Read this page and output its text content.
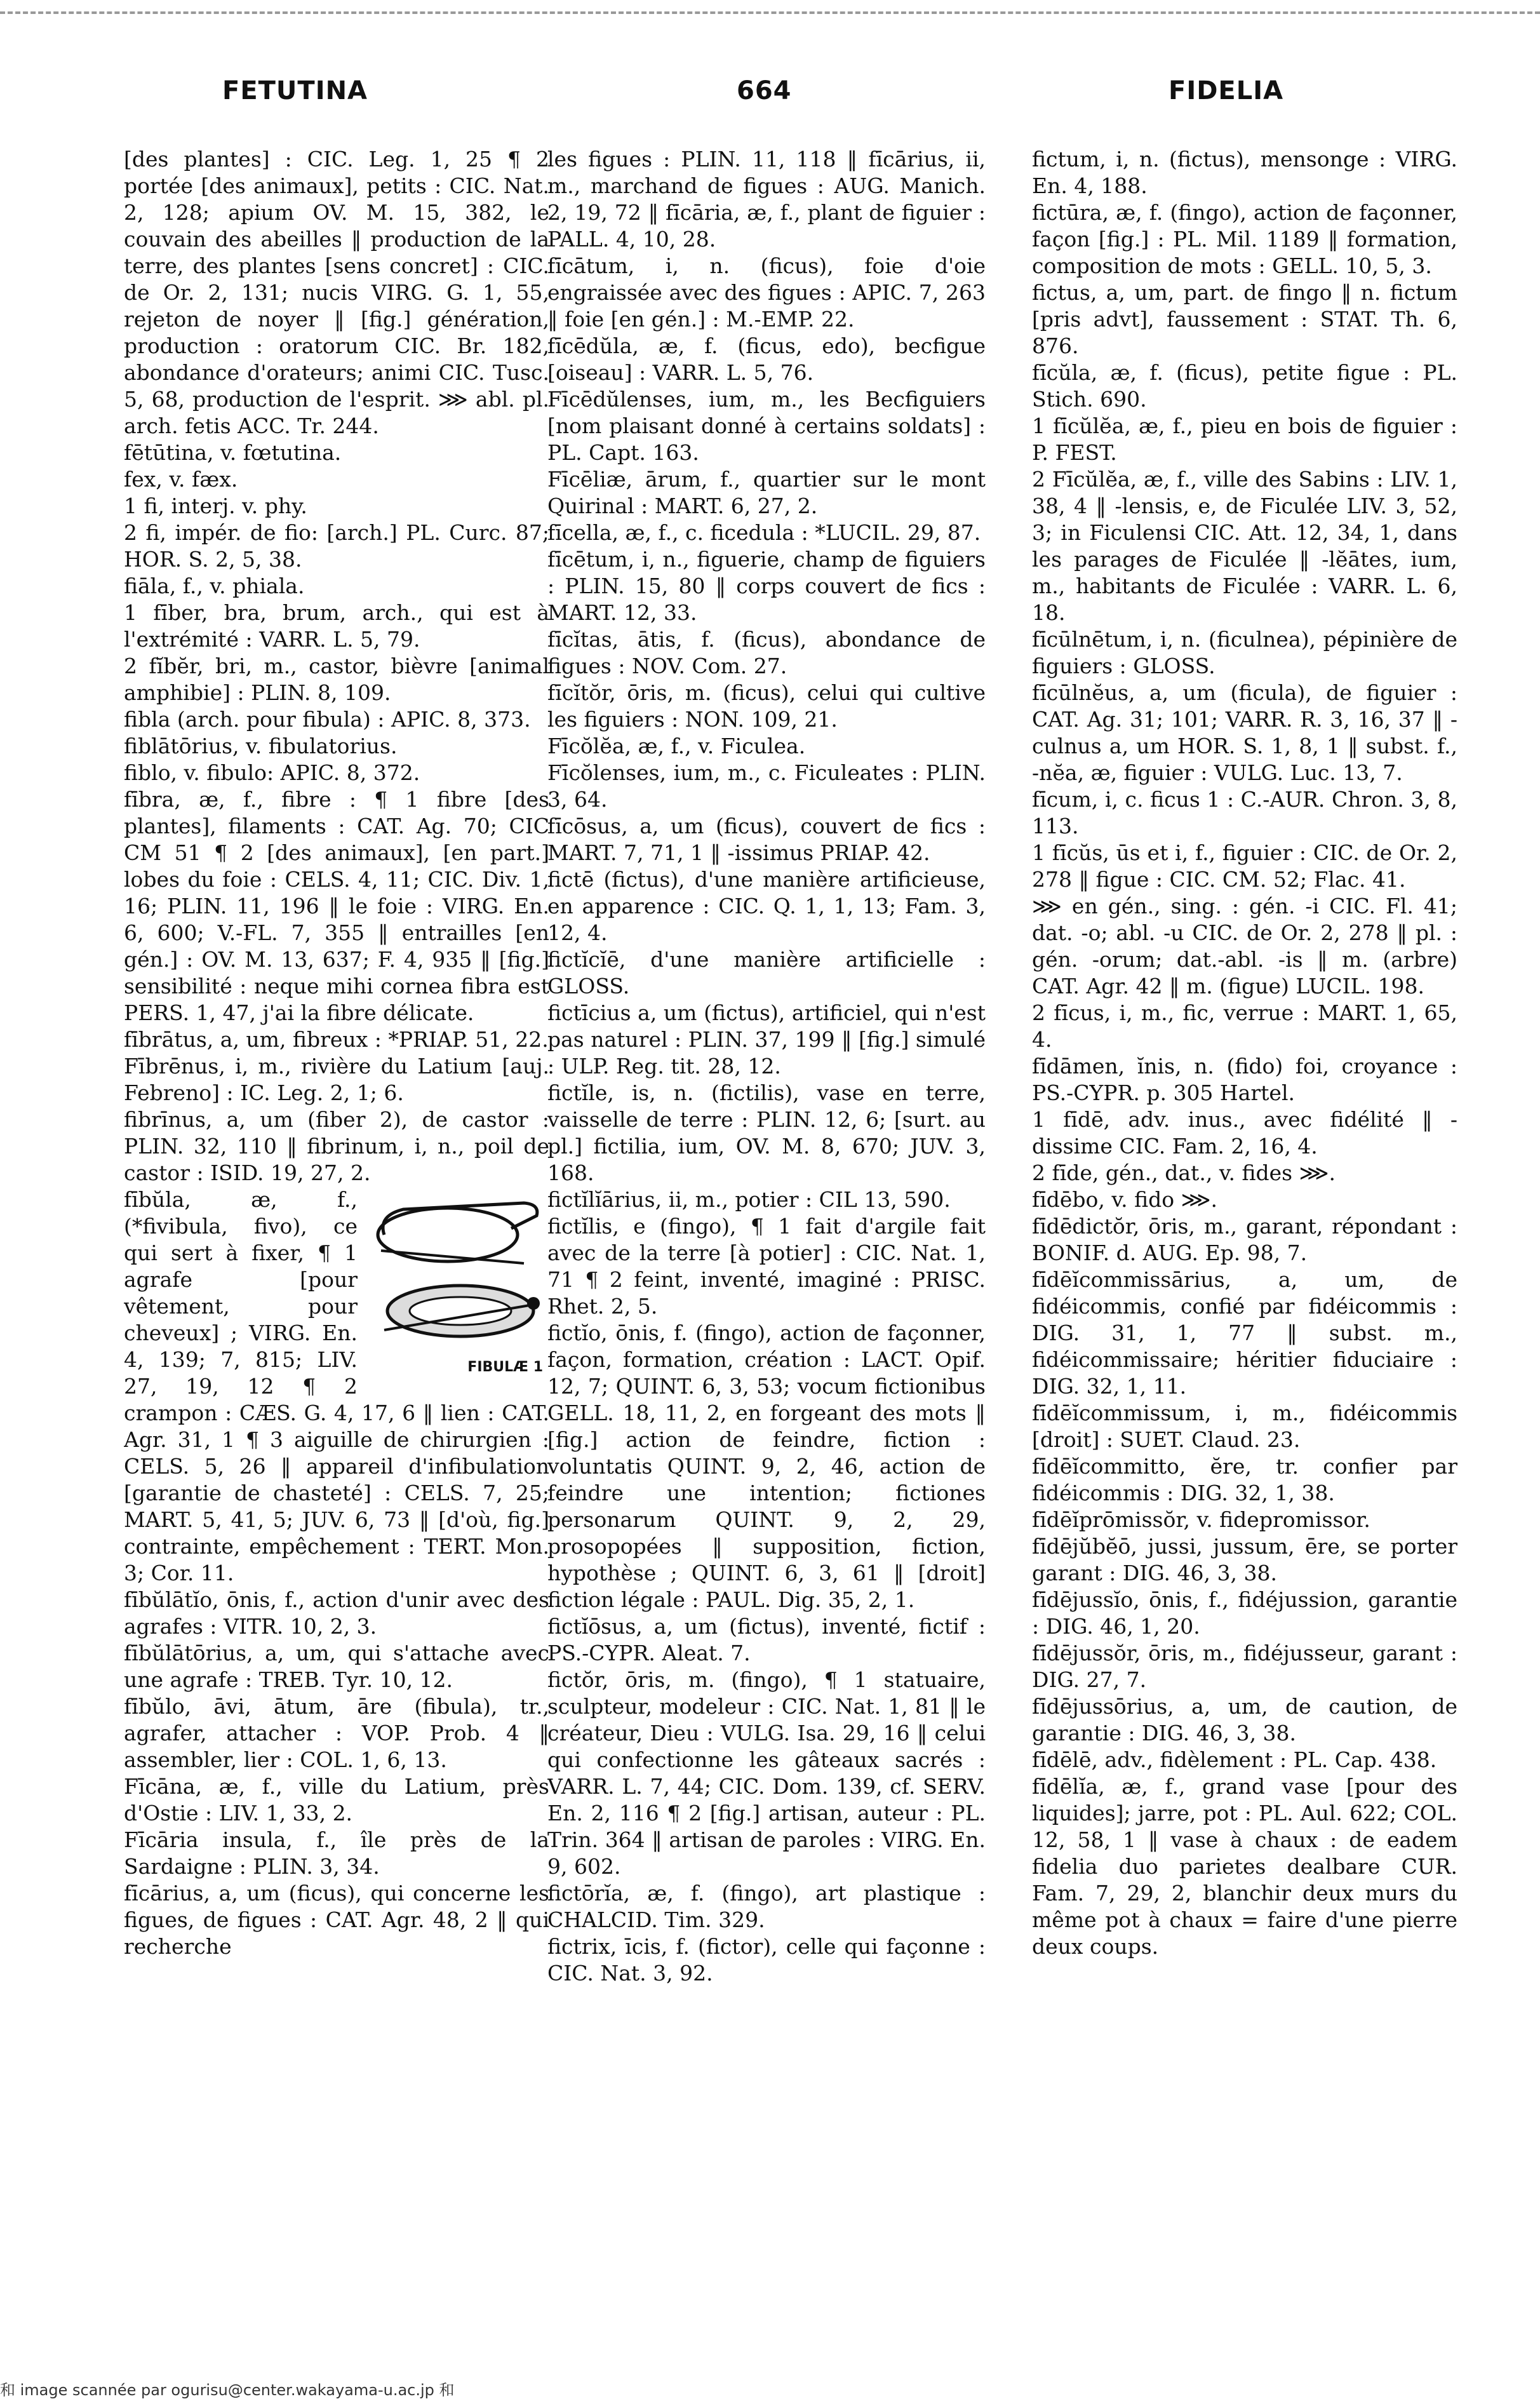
FETUTINA	664	FIDELIA

[des plantes] : CIC. Leg. 1, 25 ¶ 2 portée [des animaux], petits : CIC. Nat. 2, 128; apium OV. M. 15, 382, le couvain des abeilles ‖ production de la terre, des plantes [sens concret] : CIC. de Or. 2, 131; nucis VIRG. G. 1, 55, rejeton de noyer ‖ [fig.] génération, production : oratorum CIC. Br. 182, abondance d'orateurs; animi CIC. Tusc. 5, 68, production de l'esprit. ⋙ abl. pl. arch. fetis ACC. Tr. 244.

fētūtina, v. fœtutina.

fex, v. fæx.

1 fi, interj. v. phy.

2 fi, impér. de fio: [arch.] PL. Curc. 87; HOR. S. 2, 5, 38.

fiāla, f., v. phiala.

1 fīber, bra, brum, arch., qui est à l'extrémité : VARR. L. 5, 79.

2 fĭbĕr, bri, m., castor, bièvre [animal amphibie] : PLIN. 8, 109.

fibla (arch. pour fibula) : APIC. 8, 373.

fiblātōrius, v. fibulatorius.

fiblo, v. fibulo: APIC. 8, 372.

fībra, æ, f., fibre : ¶ 1 fibre [des plantes], filaments : CAT. Ag. 70; CIC CM 51 ¶ 2 [des animaux], [en part.] lobes du foie : CELS. 4, 11; CIC. Div. 1, 16; PLIN. 11, 196 ‖ le foie : VIRG. En. 6, 600; V.-FL. 7, 355 ‖ entrailles [en gén.] : OV. M. 13, 637; F. 4, 935 ‖ [fig.] sensibilité : neque mihi cornea fibra est PERS. 1, 47, j'ai la fibre délicate.

fībrātus, a, um, fibreux : *PRIAP. 51, 22.

Fībrēnus, i, m., rivière du Latium [auj. Febreno] : IC. Leg. 2, 1; 6.

fibrīnus, a, um (fiber 2), de castor : PLIN. 32, 110 ‖ fibrinum, i, n., poil de castor : ISID. 19, 27, 2.

FIBULÆ 1

fībŭla, æ, f., (*fivibula, fivo), ce qui sert à fixer, ¶ 1 agrafe [pour vêtement, pour cheveux] ; VIRG. En. 4, 139; 7, 815; LIV. 27, 19, 12 ¶ 2 crampon : CÆS. G. 4, 17, 6 ‖ lien : CAT. Agr. 31, 1 ¶ 3 aiguille de chirurgien : CELS. 5, 26 ‖ appareil d'infibulation [garantie de chasteté] : CELS. 7, 25; MART. 5, 41, 5; JUV. 6, 73 ‖ [d'où, fig.] contrainte, empêchement : TERT. Mon. 3; Cor. 11.

fībŭlātĭo, ōnis, f., action d'unir avec des agrafes : VITR. 10, 2, 3.

fībŭlātōrius, a, um, qui s'attache avec une agrafe : TREB. Tyr. 10, 12.

fībŭlo, āvi, ātum, āre (fibula), tr., agrafer, attacher : VOP. Prob. 4 ‖ assembler, lier : COL. 1, 6, 13.

Fīcāna, æ, f., ville du Latium, près d'Ostie : LIV. 1, 33, 2.

Fīcāria insula, f., île près de la Sardaigne : PLIN. 3, 34.

fīcārius, a, um (ficus), qui concerne les figues, de figues : CAT. Agr. 48, 2 ‖ qui recherche

les figues : PLIN. 11, 118 ‖ fīcārius, ii, m., marchand de figues : AUG. Manich. 2, 19, 72 ‖ fīcāria, æ, f., plant de figuier : PALL. 4, 10, 28.

fīcātum, i, n. (ficus), foie d'oie engraissée avec des figues : APIC. 7, 263 ‖ foie [en gén.] : M.-EMP. 22.

fīcēdŭla, æ, f. (ficus, edo), becfigue [oiseau] : VARR. L. 5, 76.

Fīcēdŭlenses, ium, m., les Becfiguiers [nom plaisant donné à certains soldats] : PL. Capt. 163.

Fīcēliæ, ārum, f., quartier sur le mont Quirinal : MART. 6, 27, 2.

fīcella, æ, f., c. ficedula : *LUCIL. 29, 87.

fīcētum, i, n., figuerie, champ de figuiers : PLIN. 15, 80 ‖ corps couvert de fics : MART. 12, 33.

fīcĭtas, ātis, f. (ficus), abondance de figues : NOV. Com. 27.

fīcĭtŏr, ōris, m. (ficus), celui qui cultive les figuiers : NON. 109, 21.

Fīcŏlĕa, æ, f., v. Ficulea.

Fīcŏlenses, ium, m., c. Ficuleates : PLIN. 3, 64.

fīcōsus, a, um (ficus), couvert de fics : MART. 7, 71, 1 ‖ -issimus PRIAP. 42.

fictē (fictus), d'une manière artificieuse, en apparence : CIC. Q. 1, 1, 13; Fam. 3, 12, 4.

fictĭcĭē, d'une manière artificielle : GLOSS.

fictīcius a, um (fictus), artificiel, qui n'est pas naturel : PLIN. 37, 199 ‖ [fig.] simulé : ULP. Reg. tit. 28, 12.

fictĭle, is, n. (fictilis), vase en terre, vaisselle de terre : PLIN. 12, 6; [surt. au pl.] fictilia, ium, OV. M. 8, 670; JUV. 3, 168.

fictĭlĭārius, ii, m., potier : CIL 13, 590.

fictĭlis, e (fingo), ¶ 1 fait d'argile fait avec de la terre [à potier] : CIC. Nat. 1, 71 ¶ 2 feint, inventé, imaginé : PRISC. Rhet. 2, 5.

fictĭo, ōnis, f. (fingo), action de façonner, façon, formation, création : LACT. Opif. 12, 7; QUINT. 6, 3, 53; vocum fictionibus GELL. 18, 11, 2, en forgeant des mots ‖ [fig.] action de feindre, fiction : voluntatis QUINT. 9, 2, 46, action de feindre une intention; fictiones personarum QUINT. 9, 2, 29, prosopopées ‖ supposition, fiction, hypothèse ; QUINT. 6, 3, 61 ‖ [droit] fiction légale : PAUL. Dig. 35, 2, 1.

fictĭōsus, a, um (fictus), inventé, fictif : PS.-CYPR. Aleat. 7.

fictŏr, ōris, m. (fingo), ¶ 1 statuaire, sculpteur, modeleur : CIC. Nat. 1, 81 ‖ le créateur, Dieu : VULG. Isa. 29, 16 ‖ celui qui confectionne les gâteaux sacrés : VARR. L. 7, 44; CIC. Dom. 139, cf. SERV. En. 2, 116 ¶ 2 [fig.] artisan, auteur : PL. Trin. 364 ‖ artisan de paroles : VIRG. En. 9, 602.

fictōrĭa, æ, f. (fingo), art plastique : CHALCID. Tim. 329.

fictrix, īcis, f. (fictor), celle qui façonne : CIC. Nat. 3, 92.

fictum, i, n. (fictus), mensonge : VIRG. En. 4, 188.

fictūra, æ, f. (fingo), action de façonner, façon [fig.] : PL. Mil. 1189 ‖ formation, composition de mots : GELL. 10, 5, 3.

fictus, a, um, part. de fingo ‖ n. fictum [pris advt], faussement : STAT. Th. 6, 876.

fīcŭla, æ, f. (ficus), petite figue : PL. Stich. 690.

1 fīcŭlĕa, æ, f., pieu en bois de figuier : P. FEST.

2 Fīcŭlĕa, æ, f., ville des Sabins : LIV. 1, 38, 4 ‖ -lensis, e, de Ficulée LIV. 3, 52, 3; in Ficulensi CIC. Att. 12, 34, 1, dans les parages de Ficulée ‖ -lĕātes, ium, m., habitants de Ficulée : VARR. L. 6, 18.

fīcūlnētum, i, n. (ficulnea), pépinière de figuiers : GLOSS.

fīcūlnĕus, a, um (ficula), de figuier : CAT. Ag. 31; 101; VARR. R. 3, 16, 37 ‖ -culnus a, um HOR. S. 1, 8, 1 ‖ subst. f., -nĕa, æ, figuier : VULG. Luc. 13, 7.

fīcum, i, c. ficus 1 : C.-AUR. Chron. 3, 8, 113.

1 fīcŭs, ūs et i, f., figuier : CIC. de Or. 2, 278 ‖ figue : CIC. CM. 52; Flac. 41.

⋙ en gén., sing. : gén. -i CIC. Fl. 41; dat. -o; abl. -u CIC. de Or. 2, 278 ‖ pl. : gén. -orum; dat.-abl. -is ‖ m. (arbre) CAT. Agr. 42 ‖ m. (figue) LUCIL. 198.

2 fīcus, i, m., fic, verrue : MART. 1, 65, 4.

fīdāmen, ĭnis, n. (fido) foi, croyance : PS.-CYPR. p. 305 Hartel.

1 fīdē, adv. inus., avec fidélité ‖ -dissime CIC. Fam. 2, 16, 4.

2 fīde, gén., dat., v. fides ⋙.

fīdēbo, v. fido ⋙.

fīdēdictŏr, ōris, m., garant, répondant : BONIF. d. AUG. Ep. 98, 7.

fīdēĭcommissārius, a, um, de fidéicommis, confié par fidéicommis : DIG. 31, 1, 77 ‖ subst. m., fidéicommissaire; héritier fiduciaire : DIG. 32, 1, 11.

fīdēĭcommissum, i, m., fidéicommis [droit] : SUET. Claud. 23.

fīdēĭcommitto, ĕre, tr. confier par fidéicommis : DIG. 32, 1, 38.

fīdēĭprōmissŏr, v. fidepromissor.

fīdējŭbĕō, jussi, jussum, ēre, se porter garant : DIG. 46, 3, 38.

fīdējussĭo, ōnis, f., fidéjussion, garantie : DIG. 46, 1, 20.

fīdējussŏr, ōris, m., fidéjusseur, garant : DIG. 27, 7.

fīdējussōrius, a, um, de caution, de garantie : DIG. 46, 3, 38.

fīdēlē, adv., fidèlement : PL. Cap. 438.

fīdēlĭa, æ, f., grand vase [pour des liquides]; jarre, pot : PL. Aul. 622; COL. 12, 58, 1 ‖ vase à chaux : de eadem fidelia duo parietes dealbare CUR. Fam. 7, 29, 2, blanchir deux murs du même pot à chaux = faire d'une pierre deux coups.

和 image scannée par ogurisu@center.wakayama-u.ac.jp 和
